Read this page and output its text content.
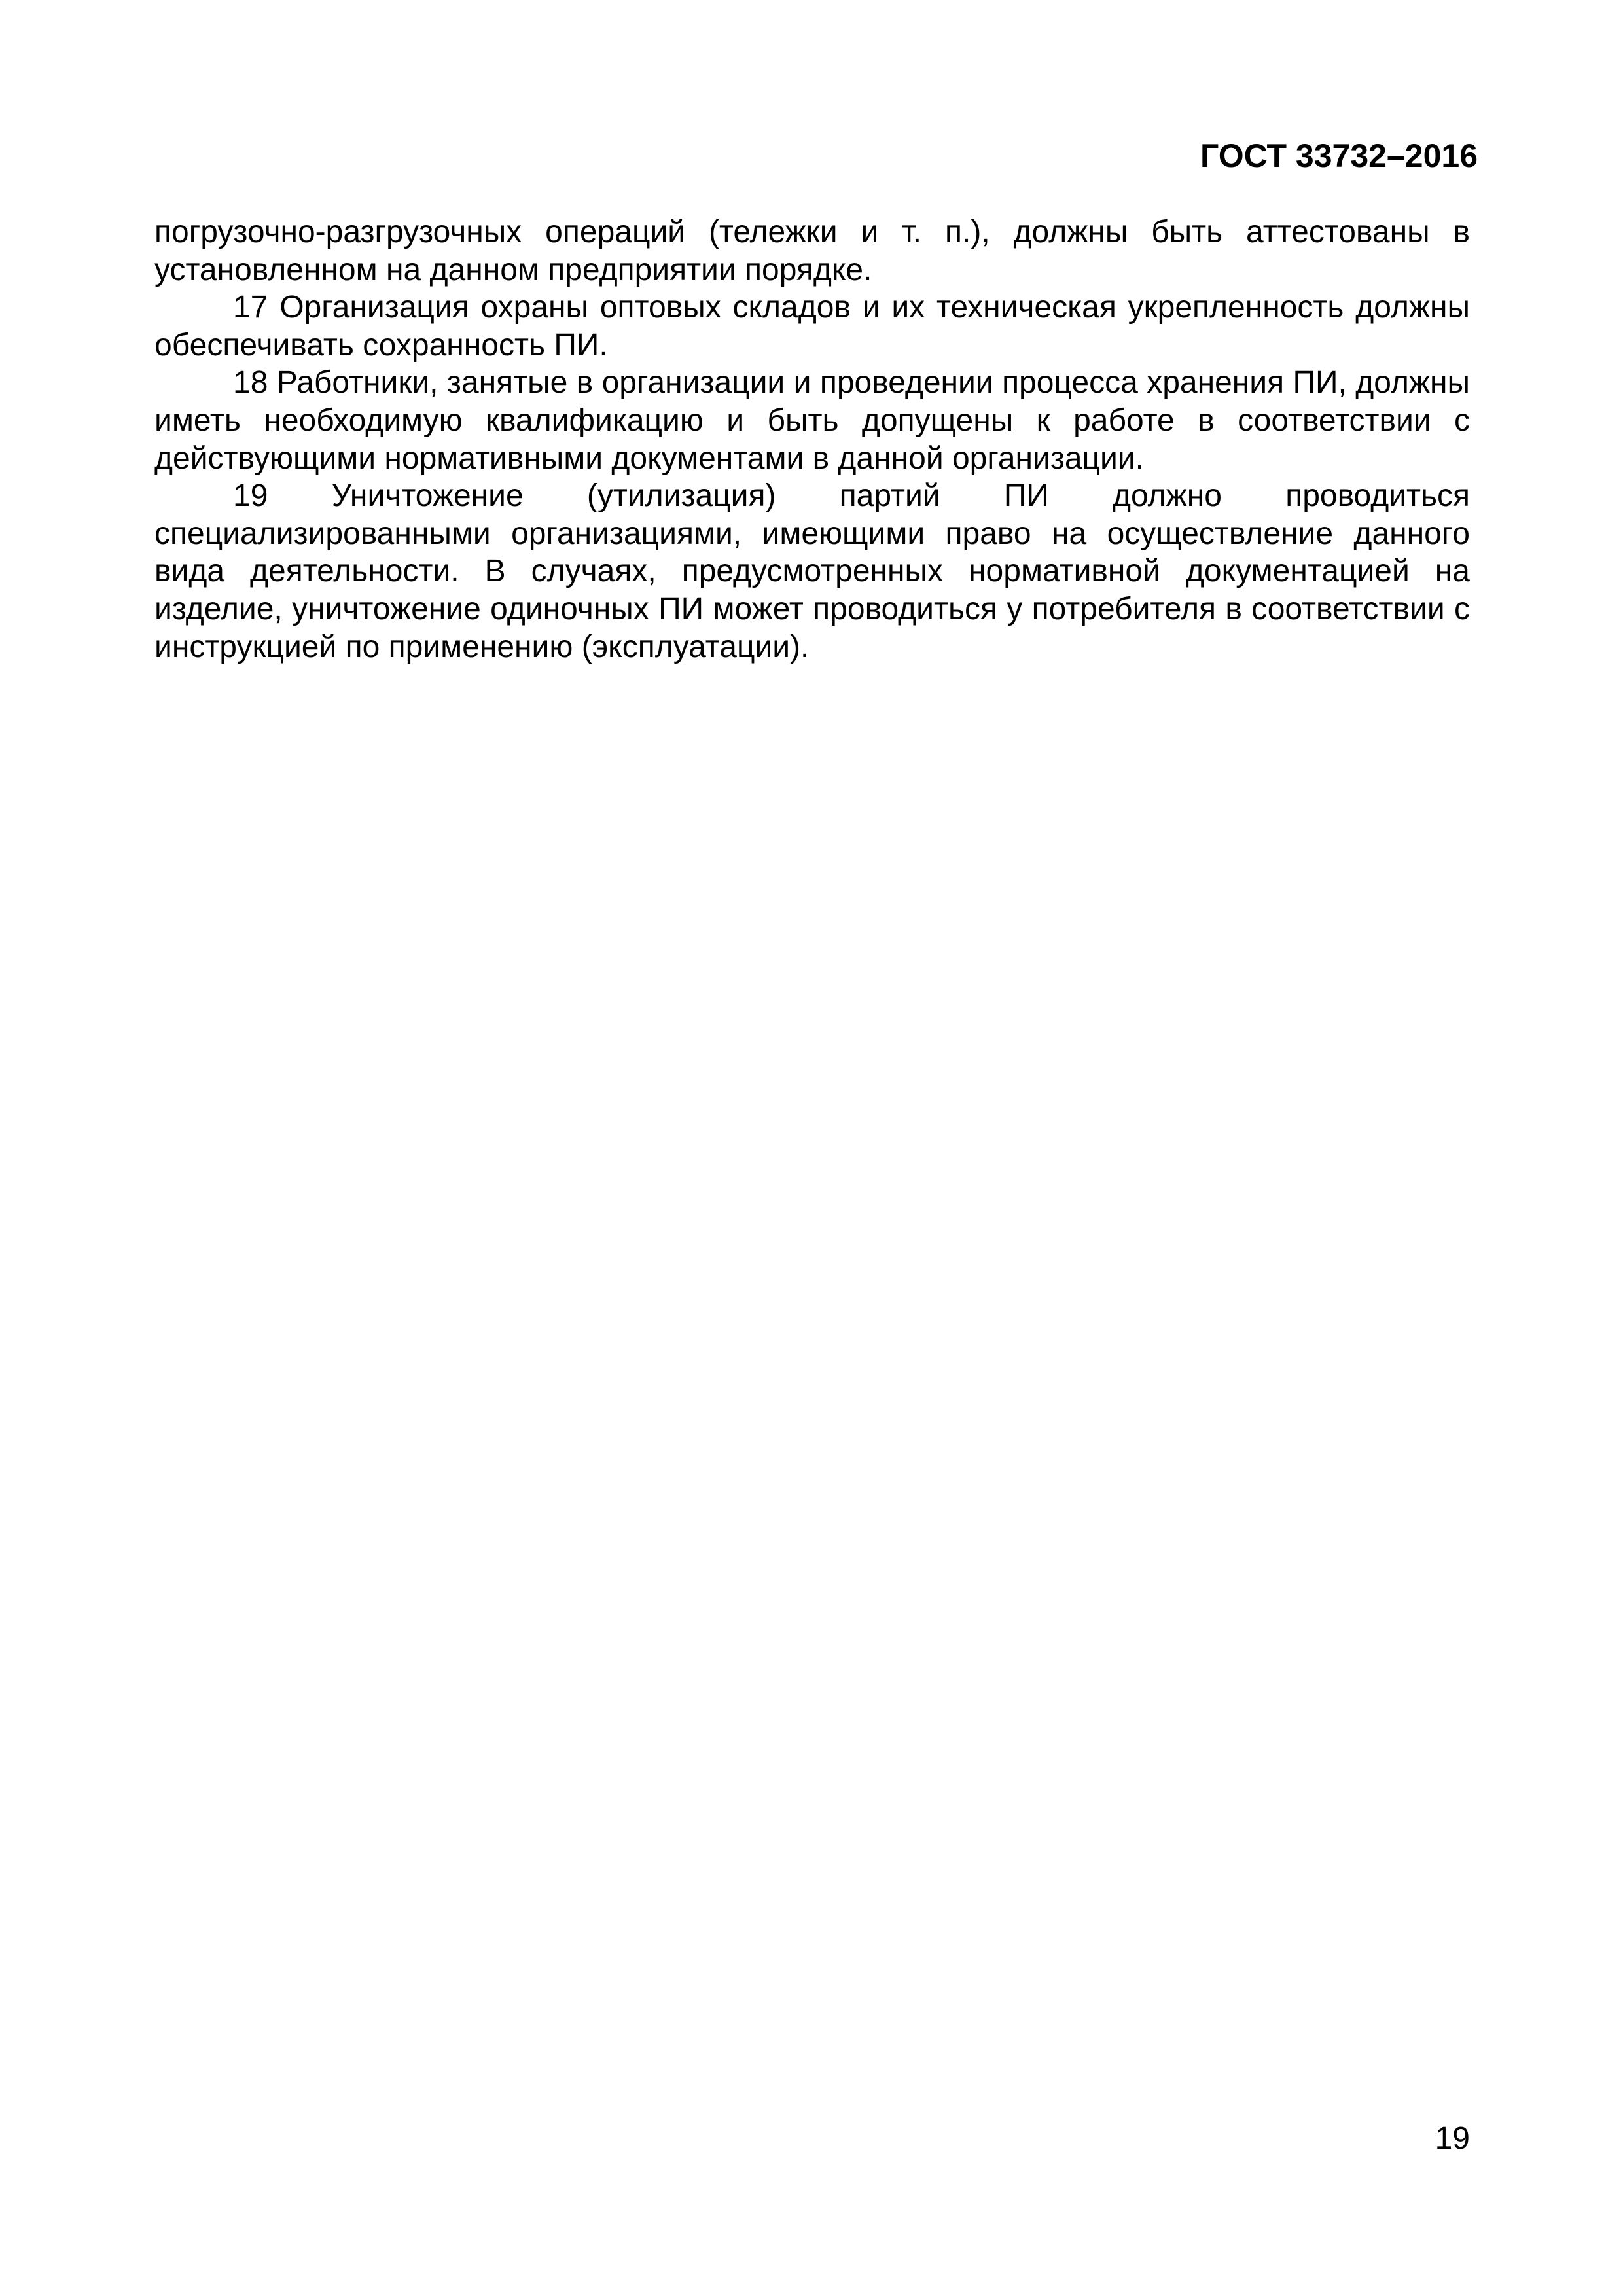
ГОСТ 33732–2016

погрузочно-разгрузочных операций (тележки и т. п.), должны быть аттестованы в установленном на данном предприятии порядке.

17 Организация охраны оптовых складов и их техническая укрепленность должны обеспечивать сохранность ПИ.

18 Работники, занятые в организации и проведении процесса хранения ПИ, должны иметь необходимую квалификацию и быть допущены к работе в соответствии с действующими нормативными документами в данной организации.

19 Уничтожение (утилизация) партий ПИ должно проводиться специализированными организациями, имеющими право на осуществление данного вида деятельности. В случаях, предусмотренных нормативной документацией на изделие, уничтожение одиночных ПИ может проводиться у потребителя в соответствии с инструкцией по применению (эксплуатации).

19
